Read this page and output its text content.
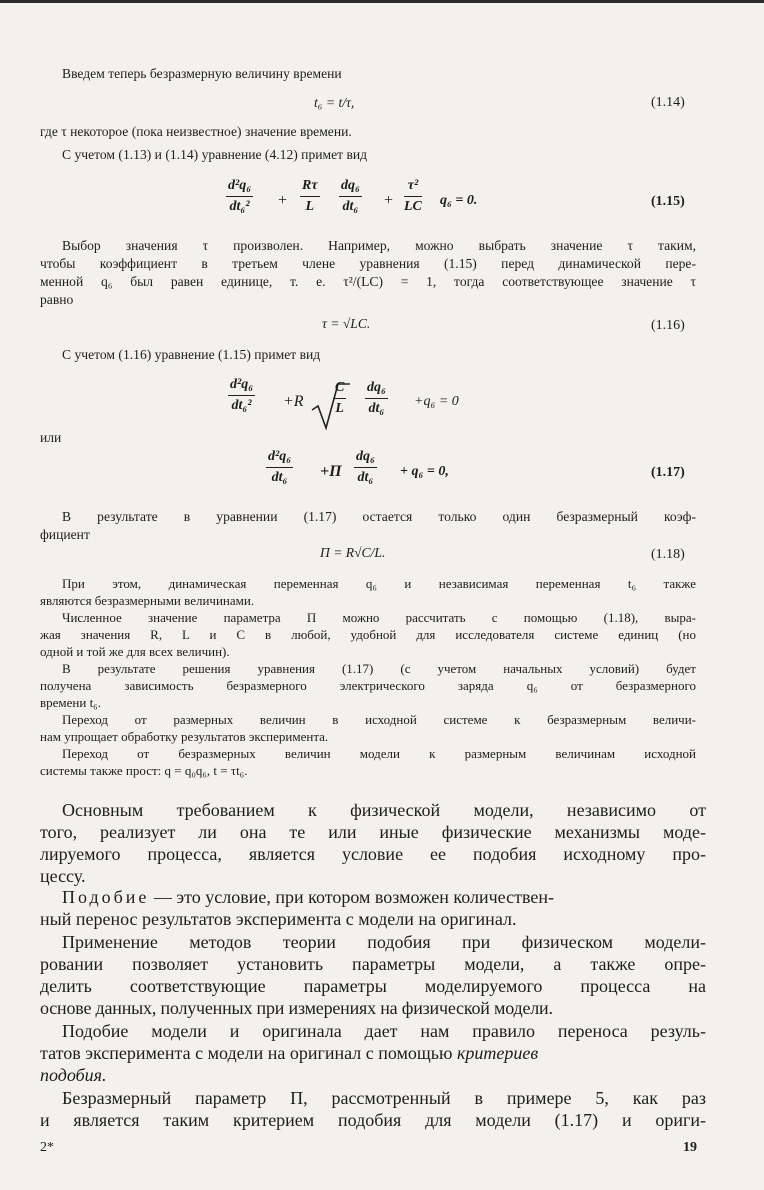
Введем теперь безразмерную величину времени
t₆ = t/τ,	(1.14)
где τ некоторое (пока неизвестное) значение времени.
С учетом (1.13) и (1.14) уравнение (4.12) примет вид
$\frac{\text{d²q₆}}{\text{dt₆²}} + \frac{R\tau}{L} \frac{\text{dq₆}}{\text{dt₆}} + \frac{\text{τ²}}{LC} q_6 = 0$.	(1.15)
Выбор значения τ произволен. Например, можно выбрать значение τ таким,
чтобы коэффициент в третьем члене уравнения (1.15) перед динамической пере-
менной q₆ был равен единице, т. е. τ²/(LC) = 1, тогда соответствующее значение τ
равно
τ = √LC.	(1.16)
С учетом (1.16) уравнение (1.15) примет вид
$\frac{\text{d²q₆}}{\text{dt₆²}} +R \frac{C}{L} \frac{\text{dq₆}}{\text{dt₆}} +q_6 = 0$
или
$\frac{\text{d²q₆}}{\text{dt₆}} +П \frac{\text{dq₆}}{\text{dt₆}} + q_6 = 0$,	(1.17)
В результате в уравнении (1.17) остается только один безразмерный коэф-
фициент
П = R√C/L.	(1.18)
При этом, динамическая переменная q₆ и независимая переменная t₆ также
являются безразмерными величинами.
Численное значение параметра П можно рассчитать с помощью (1.18), выра-
жая значения R, L и C в любой, удобной для исследователя системе единиц (но
одной и той же для всех величин).
В результате решения уравнения (1.17) (с учетом начальных условий) будет
получена зависимость безразмерного электрического заряда q₆ от безразмерного
времени t₆.
Переход от размерных величин в исходной системе к безразмерным величи-
нам упрощает обработку результатов эксперимента.
Переход от безразмерных величин модели к размерным величинам исходной
системы также прост: q = q₀q₆, t = τt₆.
Основным требованием к физической модели, независимо от
того, реализует ли она те или иные физические механизмы моде-
лируемого процесса, является условие ее подобия исходному про-
цессу.
Подобие — это условие, при котором возможен количествен-
ный перенос результатов эксперимента с модели на оригинал.
Применение методов теории подобия при физическом модели-
ровании позволяет установить параметры модели, а также опре-
делить соответствующие параметры моделируемого процесса на
основе данных, полученных при измерениях на физической модели.
Подобие модели и оригинала дает нам правило переноса резуль-
татов эксперимента с модели на оригинал с помощью критериев
подобия.
Безразмерный параметр П, рассмотренный в примере 5, как раз
и является таким критерием подобия для модели (1.17) и ориги-
2*	19
